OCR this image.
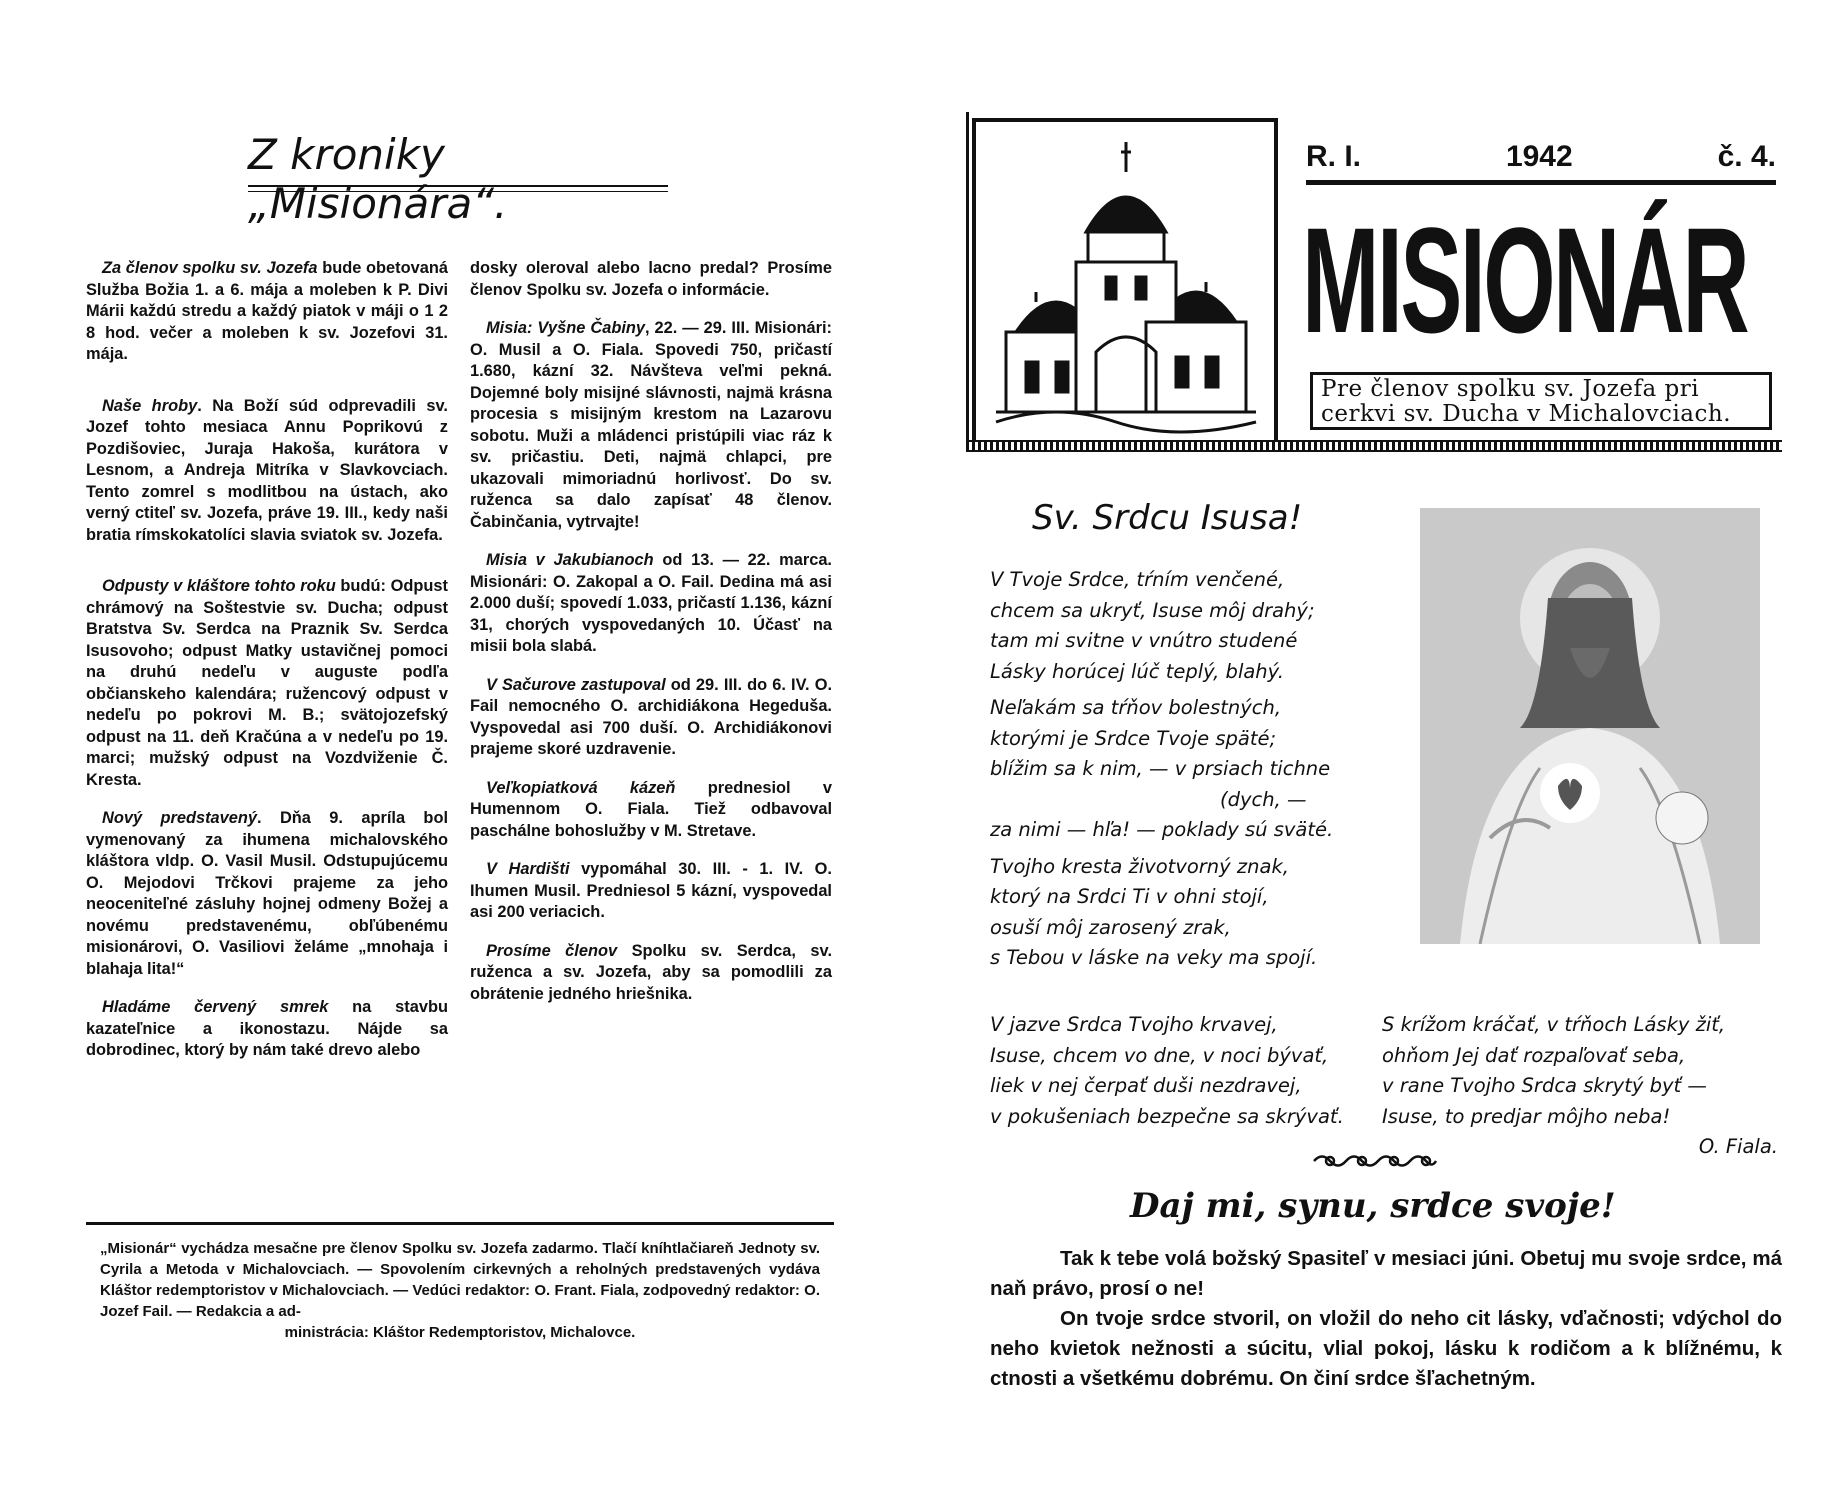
Z kroniky „Misionára“.

Za členov spolku sv. Jozefa bude obetovaná Služba Božia 1. a 6. mája a moleben k P. Divi Márii každú stredu a každý piatok v máji o 1 2 8 hod. večer a moleben k sv. Jozefovi 31. mája.

Naše hroby. Na Boží súd odprevadili sv. Jozef tohto mesiaca Annu Poprikovú z Pozdišoviec, Juraja Hakoša, kurátora v Lesnom, a Andreja Mitríka v Slavkovciach. Tento zomrel s modlitbou na ústach, ako verný ctiteľ sv. Jozefa, práve 19. III., kedy naši bratia rímskokatolíci slavia sviatok sv. Jozefa.

Odpusty v kláštore tohto roku budú: Odpust chrámový na Soštestvie sv. Ducha; odpust Bratstva Sv. Serdca na Praznik Sv. Serdca Isusovoho; odpust Matky ustavičnej pomoci na druhú nedeľu v auguste podľa občianskeho kalendára; ružencový odpust v nedeľu po pokrovi M. B.; svätojozefský odpust na 11. deň Kračúna a v nedeľu po 19. marci; mužský odpust na Vozdviženie Č. Kresta.

Nový predstavený. Dňa 9. apríla bol vymenovaný za ihumena michalovského kláštora vldp. O. Vasil Musil. Odstupujúcemu O. Mejodovi Trčkovi prajeme za jeho neoceniteľné zásluhy hojnej odmeny Božej a novému predstavenému, obľúbenému misionárovi, O. Vasiliovi želáme „mnohaja i blahaja lita!“

Hladáme červený smrek na stavbu kazateľnice a ikonostazu. Nájde sa dobrodinec, ktorý by nám také drevo alebo

dosky oleroval alebo lacno predal? Prosíme členov Spolku sv. Jozefa o informácie.

Misia: Vyšne Čabiny, 22. — 29. III. Misionári: O. Musil a O. Fiala. Spovedi 750, pričastí 1.680, kázní 32. Návšteva veľmi pekná. Dojemné boly misijné slávnosti, najmä krásna procesia s misijným krestom na Lazarovu sobotu. Muži a mládenci pristúpili viac ráz k sv. pričastiu. Deti, najmä chlapci, pre ukazovali mimoriadnú horlivosť. Do sv. ruženca sa dalo zapísať 48 členov. Čabinčania, vytrvajte!

Misia v Jakubianoch od 13. — 22. marca. Misionári: O. Zakopal a O. Fail. Dedina má asi 2.000 duší; spovedí 1.033, pričastí 1.136, kázní 31, chorých vyspovedaných 10. Účasť na misii bola slabá.

V Sačurove zastupoval od 29. III. do 6. IV. O. Fail nemocného O. archidiákona Hegeduša. Vyspovedal asi 700 duší. O. Archidiákonovi prajeme skoré uzdravenie.

Veľkopiatková kázeň prednesiol v Humennom O. Fiala. Tiež odbavoval paschálne bohoslužby v M. Stretave.

V Hardišti vypomáhal 30. III. - 1. IV. O. Ihumen Musil. Predniesol 5 kázní, vyspovedal asi 200 veriacich.

Prosíme členov Spolku sv. Serdca, sv. ruženca a sv. Jozefa, aby sa pomodlili za obrátenie jedného hriešnika.

„Misionár“ vychádza mesačne pre členov Spolku sv. Jozefa zadarmo. Tlačí kníhtlačiareň Jednoty sv. Cyrila a Metoda v Michalovciach. — Spovolením cirkevných a reholných predstavených vydáva Kláštor redemptoristov v Michalovciach. — Vedúci redaktor: O. Frant. Fiala, zodpovedný redaktor: O. Jozef Fail. — Redakcia a ad-
ministrácia: Kláštor Redemptoristov, Michalovce.
R. I.	1942	č. 4.
MISIONÁR
Pre členov spolku sv. Jozefa pri
cerkvi sv. Ducha v Michalovciach.
Sv. Srdcu Isusa!
V Tvoje Srdce, tŕním venčené,
chcem sa ukryť, Isuse môj drahý;
tam mi svitne v vnútro studené
Lásky horúcej lúč teplý, blahý.
Neľakám sa tŕňov bolestných,
ktorými je Srdce Tvoje späté;
blížim sa k nim, — v prsiach tichne
(dych, —
za nimi — hľa! — poklady sú sväté.
Tvojho kresta životvorný znak,
ktorý na Srdci Ti v ohni stojí,
osuší môj zarosený zrak,
s Tebou v láske na veky ma spojí.
V jazve Srdca Tvojho krvavej,
Isuse, chcem vo dne, v noci bývať,
liek v nej čerpať duši nezdravej,
v pokušeniach bezpečne sa skrývať.
S krížom kráčať, v tŕňoch Lásky žiť,
ohňom Jej dať rozpaľovať seba,
v rane Tvojho Srdca skrytý byť —
Isuse, to predjar môjho neba!
O. Fiala.
Daj mi, synu, srdce svoje!

Tak k tebe volá božský Spasiteľ v mesiaci júni. Obetuj mu svoje srdce, má naň právo, prosí o ne!

On tvoje srdce stvoril, on vložil do neho cit lásky, vďačnosti; vdýchol do neho kvietok nežnosti a súcitu, vlial pokoj, lásku k rodičom a k blížnému, k ctnosti a všetkému dobrému. On činí srdce šľachetným.
